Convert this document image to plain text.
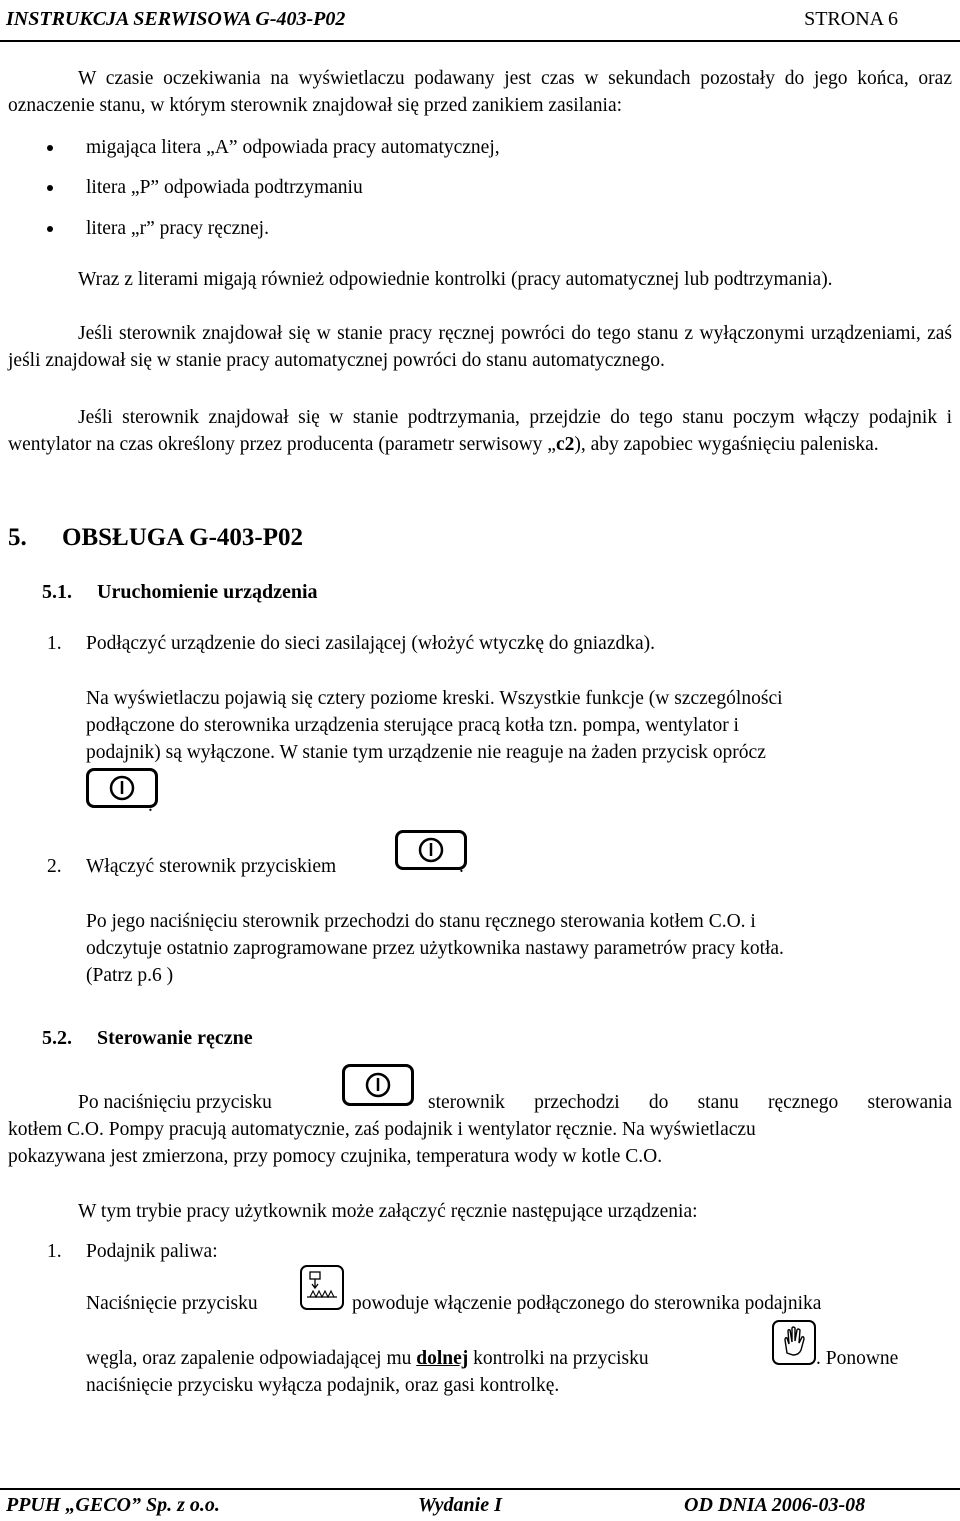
INSTRUKCJA SERWISOWA G-403-P02	STRONA 6
W czasie oczekiwania na wyświetlaczu podawany jest czas w sekundach pozostały do jego końca, oraz oznaczenie stanu, w którym sterownik znajdował się przed zanikiem zasilania:
migająca litera „A” odpowiada pracy automatycznej,
litera „P” odpowiada podtrzymaniu
litera „r” pracy ręcznej.
Wraz z literami migają również odpowiednie kontrolki (pracy automatycznej lub podtrzymania).
Jeśli sterownik znajdował się w stanie pracy ręcznej powróci do tego stanu z wyłączonymi urządzeniami, zaś jeśli znajdował się w stanie pracy automatycznej powróci do stanu automatycznego.
Jeśli sterownik znajdował się w stanie podtrzymania, przejdzie do tego stanu poczym włączy podajnik i wentylator na czas określony przez producenta (parametr serwisowy „c2), aby zapobiec wygaśnięciu paleniska.
5. OBSŁUGA G-403-P02
5.1. Uruchomienie urządzenia
1. Podłączyć urządzenie do sieci zasilającej (włożyć wtyczkę do gniazdka).
Na wyświetlaczu pojawią się cztery poziome kreski. Wszystkie funkcje (w szczególności
podłączone do sterownika urządzenia sterujące pracą kotła tzn. pompa, wentylator i
podajnik) są wyłączone. W stanie tym urządzenie nie reaguje na żaden przycisk oprócz
.
2. Włączyć sterownik przyciskiem	.
Po jego naciśnięciu sterownik przechodzi do stanu ręcznego sterowania kotłem C.O. i
odczytuje ostatnio zaprogramowane przez użytkownika nastawy parametrów pracy kotła.
(Patrz p.6 )
5.2. Sterowanie ręczne
Po naciśnięciu przycisku	sterownik przechodzi do stanu ręcznego sterowania
kotłem C.O. Pompy pracują automatycznie, zaś podajnik i wentylator ręcznie. Na wyświetlaczu
pokazywana jest zmierzona, przy pomocy czujnika, temperatura wody w kotle C.O.
W tym trybie pracy użytkownik może załączyć ręcznie następujące urządzenia:
1. Podajnik paliwa:
Naciśnięcie przycisku	powoduje włączenie podłączonego do sterownika podajnika
węgla, oraz zapalenie odpowiadającej mu dolnej kontrolki na przycisku	. Ponowne
naciśnięcie przycisku wyłącza podajnik, oraz gasi kontrolkę.
PPUH „GECO” Sp. z o.o.	Wydanie I	OD DNIA 2006-03-08
